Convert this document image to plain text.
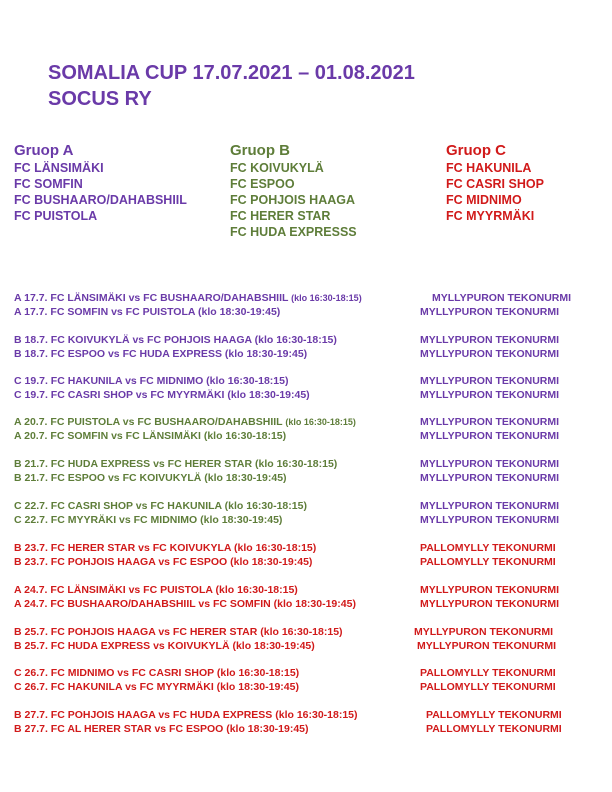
SOMALIA CUP 17.07.2021 – 01.08.2021
SOCUS RY
Gruop A
FC LÄNSIMÄKI
FC SOMFIN
FC BUSHAARO/DAHABSHIIL
FC PUISTOLA
Gruop B
FC KOIVUKYLÄ
FC ESPOO
FC POHJOIS HAAGA
FC HERER STAR
FC HUDA EXPRESSS
Gruop C
FC HAKUNILA
FC CASRI SHOP
FC MIDNIMO
FC MYYRMÄKI
A 17.7. FC LÄNSIMÄKI vs FC BUSHAARO/DAHABSHIIL (klo 16:30-18:15)	MYLLYPURON TEKONURMI
A 17.7. FC SOMFIN vs FC PUISTOLA (klo 18:30-19:45)	MYLLYPURON TEKONURMI
B 18.7. FC KOIVUKYLÄ vs FC POHJOIS HAAGA (klo 16:30-18:15)	MYLLYPURON TEKONURMI
B 18.7. FC ESPOO vs FC HUDA EXPRESS (klo 18:30-19:45)	MYLLYPURON TEKONURMI
C 19.7. FC HAKUNILA vs FC MIDNIMO (klo 16:30-18:15)	MYLLYPURON TEKONURMI
C 19.7. FC CASRI SHOP vs FC MYYRMÄKI (klo 18:30-19:45)	MYLLYPURON TEKONURMI
A 20.7. FC PUISTOLA vs FC BUSHAARO/DAHABSHIIL (klo 16:30-18:15)	MYLLYPURON TEKONURMI
A 20.7. FC SOMFIN vs FC LÄNSIMÄKI (klo 16:30-18:15)	MYLLYPURON TEKONURMI
B 21.7. FC HUDA EXPRESS vs FC HERER STAR (klo 16:30-18:15)	MYLLYPURON TEKONURMI
B 21.7. FC ESPOO vs FC KOIVUKYLÄ (klo 18:30-19:45)	MYLLYPURON TEKONURMI
C 22.7. FC CASRI SHOP vs FC HAKUNILA (klo 16:30-18:15)	MYLLYPURON TEKONURMI
C 22.7. FC MYYRÄKI vs FC MIDNIMO (klo 18:30-19:45)	MYLLYPURON TEKONURMI
B 23.7. FC HERER STAR vs FC KOIVUKYLA (klo 16:30-18:15)	PALLOMYLLY TEKONURMI
B 23.7. FC POHJOIS HAAGA vs FC ESPOO (klo 18:30-19:45)	PALLOMYLLY TEKONURMI
A 24.7. FC LÄNSIMÄKI vs FC PUISTOLA (klo 16:30-18:15)	MYLLYPURON TEKONURMI
A 24.7. FC BUSHAARO/DAHABSHIIL vs FC SOMFIN (klo 18:30-19:45)	MYLLYPURON TEKONURMI
B 25.7. FC POHJOIS HAAGA vs FC HERER STAR (klo 16:30-18:15)	MYLLYPURON TEKONURMI
B 25.7. FC HUDA EXPRESS vs KOIVUKYLÄ (klo 18:30-19:45)	MYLLYPURON TEKONURMI
C 26.7. FC MIDNIMO vs FC CASRI SHOP (klo 16:30-18:15)	PALLOMYLLY TEKONURMI
C 26.7. FC HAKUNILA vs FC MYYRMÄKI (klo 18:30-19:45)	PALLOMYLLY TEKONURMI
B 27.7. FC POHJOIS HAAGA vs FC HUDA EXPRESS (klo 16:30-18:15)	PALLOMYLLY TEKONURMI
B 27.7. FC AL HERER STAR vs FC ESPOO (klo 18:30-19:45)	PALLOMYLLY TEKONURMI
